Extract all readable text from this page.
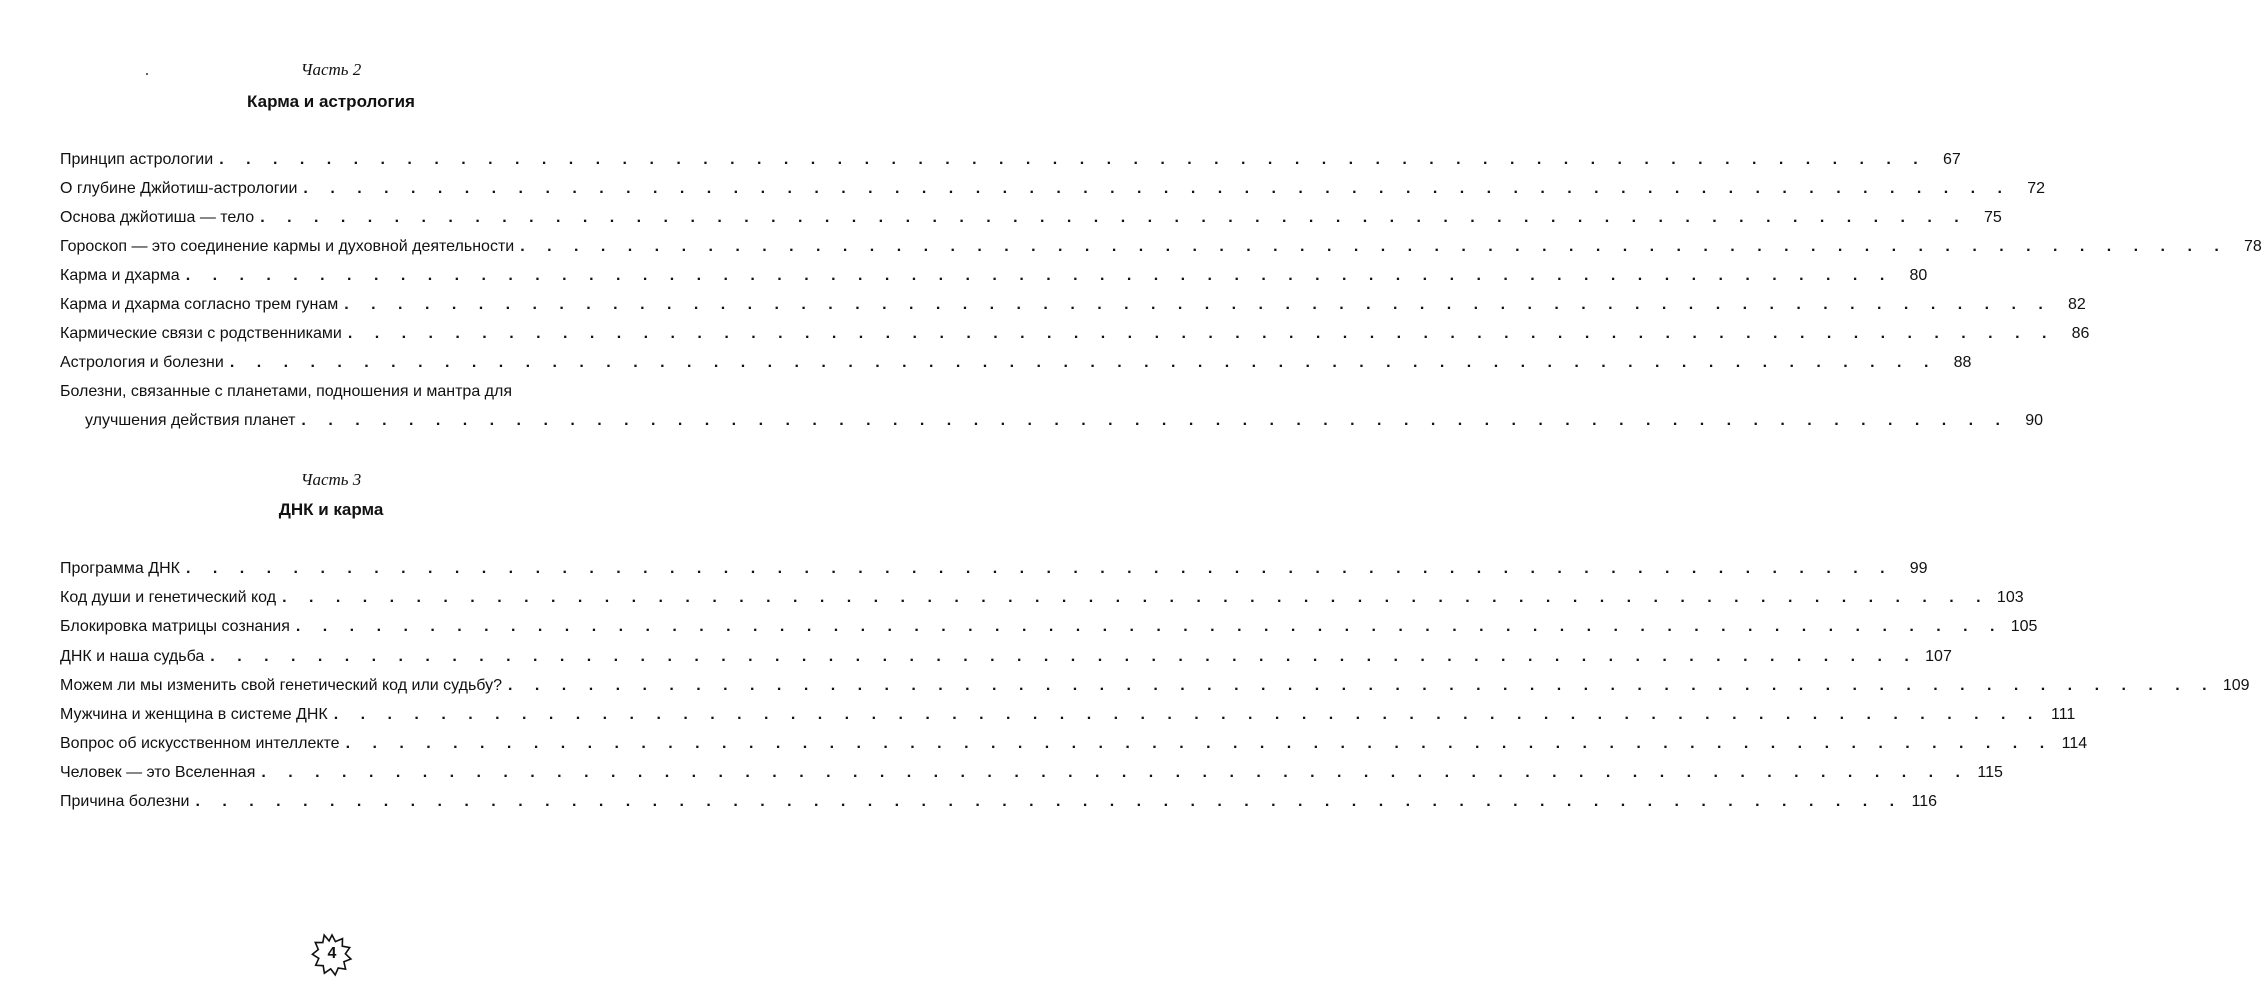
Часть 2
Карма и астрология
Принцип астрологии . . . . . . . . . . . . . . . . . . . . . . . . . . . . . . . . . . . . . . . . . . . . . . . . . . . . . . . . . . . . . . . .	67
О глубине Джйотиш-астрологии . . . . . . . . . . . . . . . . . . . . . . . . . . . . . . . . . . . . . . . . . . . . . . . . . . . . . . . . . . . . . . . .	72
Основа джйотиша — тело . . . . . . . . . . . . . . . . . . . . . . . . . . . . . . . . . . . . . . . . . . . . . . . . . . . . . . . . . . . . . . . .	75
Гороскоп — это соединение кармы и духовной деятельности . . . . . . . . . . . . . . . . . . . . . . . . . . . . . . . . . . . . . . . . . . . . . . . . . . . . . . . . . . . . . . . .	78
Карма и дхарма . . . . . . . . . . . . . . . . . . . . . . . . . . . . . . . . . . . . . . . . . . . . . . . . . . . . . . . . . . . . . . . .	80
Карма и дхарма согласно трем гунам . . . . . . . . . . . . . . . . . . . . . . . . . . . . . . . . . . . . . . . . . . . . . . . . . . . . . . . . . . . . . . . .	82
Кармические связи с родственниками . . . . . . . . . . . . . . . . . . . . . . . . . . . . . . . . . . . . . . . . . . . . . . . . . . . . . . . . . . . . . . . .	86
Астрология и болезни . . . . . . . . . . . . . . . . . . . . . . . . . . . . . . . . . . . . . . . . . . . . . . . . . . . . . . . . . . . . . . . .	88
Болезни, связанные с планетами, подношения и мантра для
улучшения действия планет . . . . . . . . . . . . . . . . . . . . . . . . . . . . . . . . . . . . . . . . . . . . . . . . . . . . . . . . . . . . . . . .	90
Часть 3
ДНК и карма
Программа ДНК . . . . . . . . . . . . . . . . . . . . . . . . . . . . . . . . . . . . . . . . . . . . . . . . . . . . . . . . . . . . . . . .	99
Код души и генетический код . . . . . . . . . . . . . . . . . . . . . . . . . . . . . . . . . . . . . . . . . . . . . . . . . . . . . . . . . . . . . . . . 103
Блокировка матрицы сознания . . . . . . . . . . . . . . . . . . . . . . . . . . . . . . . . . . . . . . . . . . . . . . . . . . . . . . . . . . . . . . . . 105
ДНК и наша судьба . . . . . . . . . . . . . . . . . . . . . . . . . . . . . . . . . . . . . . . . . . . . . . . . . . . . . . . . . . . . . . . . 107
Можем ли мы изменить свой генетический код или судьбу? . . . . . . . . . . . . . . . . . . . . . . . . . . . . . . . . . . . . . . . . . . . . . . . . . . . . . . . . . . . . . . . . 109
Мужчина и женщина в системе ДНК . . . . . . . . . . . . . . . . . . . . . . . . . . . . . . . . . . . . . . . . . . . . . . . . . . . . . . . . . . . . . . . . 111
Вопрос об искусственном интеллекте . . . . . . . . . . . . . . . . . . . . . . . . . . . . . . . . . . . . . . . . . . . . . . . . . . . . . . . . . . . . . . . . 114
Человек — это Вселенная . . . . . . . . . . . . . . . . . . . . . . . . . . . . . . . . . . . . . . . . . . . . . . . . . . . . . . . . . . . . . . . . 115
Причина болезни . . . . . . . . . . . . . . . . . . . . . . . . . . . . . . . . . . . . . . . . . . . . . . . . . . . . . . . . . . . . . . . . 116
4
